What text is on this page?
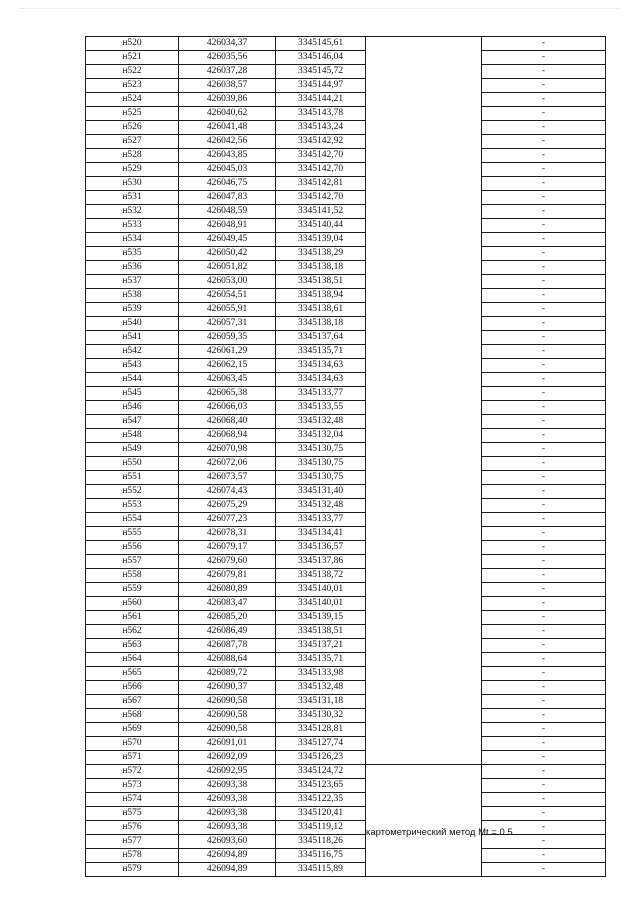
н520	426034,37	3345145,61		-
н521	426035,56	3345146,04		-
н522	426037,28	3345145,72		-
н523	426038,57	3345144,97		-
н524	426039,86	3345144,21		-
н525	426040,62	3345143,78		-
н526	426041,48	3345143,24		-
н527	426042,56	3345142,92		-
н528	426043,85	3345142,70		-
н529	426045,03	3345142,70		-
н530	426046,75	3345142,81		-
н531	426047,83	3345142,70		-
н532	426048,59	3345141,52		-
н533	426048,91	3345140,44		-
н534	426049,45	3345139,04		-
н535	426050,42	3345138,29		-
н536	426051,82	3345138,18		-
н537	426053,00	3345138,51		-
н538	426054,51	3345138,94		-
н539	426055,91	3345138,61		-
н540	426057,31	3345138,18		-
н541	426059,35	3345137,64		-
н542	426061,29	3345135,71		-
н543	426062,15	3345134,63		-
н544	426063,45	3345134,63		-
н545	426065,38	3345133,77		-
н546	426066,03	3345133,55		-
н547	426068,40	3345132,48		-
н548	426068,94	3345132,04		-
н549	426070,98	3345130,75		-
н550	426072,06	3345130,75		-
н551	426073,57	3345130,75		-
н552	426074,43	3345131,40		-
н553	426075,29	3345132,48		-
н554	426077,23	3345133,77		-
н555	426078,31	3345134,41		-
н556	426079,17	3345136,57		-
н557	426079,60	3345137,86		-
н558	426079,81	3345138,72		-
н559	426080,89	3345140,01		-
н560	426083,47	3345140,01		-
н561	426085,20	3345139,15		-
н562	426086,49	3345138,51		-
н563	426087,78	3345137,21		-
н564	426088,64	3345135,71		-
н565	426089,72	3345133,98		-
н566	426090,37	3345132,48		-
н567	426090,58	3345131,18		-
н568	426090,58	3345130,32		-
н569	426090,58	3345128,81		-
н570	426091,01	3345127,74		-
н571	426092,09	3345126,23		-
н572	426092,95	3345124,72	картометрический метод Mt = 0.5	-
н573	426093,38	3345123,65		-
н574	426093,38	3345122,35		-
н575	426093,38	3345120,41		-
н576	426093,38	3345119,12		-
н577	426093,60	3345118,26		-
н578	426094,89	3345116,75		-
н579	426094,89	3345115,89		-
